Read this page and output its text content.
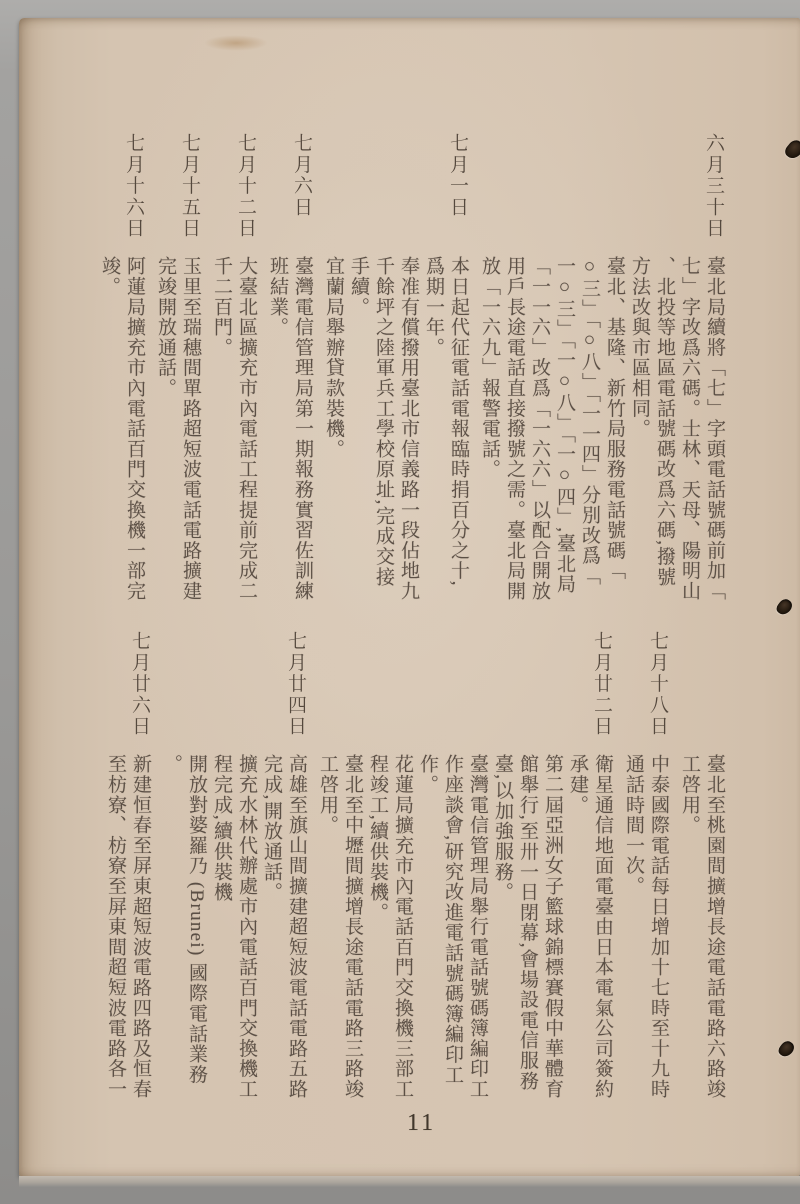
六月三十日

臺北局續將「七」字頭電話號碼前加「七」字改爲六碼。士林、天母、陽明山、北投等地區電話號碼改爲六碼,撥號方法改與市區相同。

臺北、基隆、新竹局服務電話號碼「○三」「○八」「一一四」分別改爲「一○三」「一○八」「一○四」,臺北局「一一六」改爲「一六六」以配合開放用戶長途電話直接撥號之需。臺北局開放「一六九」報警電話。

七月一日

本日起代征電話電報臨時捐百分之十,爲期一年。

奉准有償撥用臺北市信義路一段佔地九千餘坪之陸軍兵工學校原址,完成交接手續。

宜蘭局舉辦貸款裝機。

七月六日

臺灣電信管理局第一期報務實習佐訓練班結業。

七月十二日

大臺北區擴充市內電話工程提前完成二千二百門。

七月十五日

玉里至瑞穗間單路超短波電話電路擴建完竣開放通話。

七月十六日

阿蓮局擴充市內電話百門交換機一部完竣。

臺北至桃園間擴增長途電話電路六路竣工啓用。

七月十八日

中泰國際電話每日增加十七時至十九時通話時間一次。

七月廿二日

衛星通信地面電臺由日本電氣公司簽約承建。

第二屆亞洲女子籃球錦標賽假中華體育館舉行,至卅一日閉幕,會場設電信服務臺,以加強服務。

臺灣電信管理局舉行電話號碼簿編印工作座談會,研究改進電話號碼簿編印工作。

花蓮局擴充市內電話百門交換機三部工程竣工,續供裝機。

臺北至中壢間擴增長途電話電路三路竣工啓用。

七月廿四日

高雄至旗山間擴建超短波電話電路五路完成,開放通話。

擴充水林代辦處市內電話百門交換機工程完成,續供裝機

開放對婆羅乃 (Brunei) 國際電話業務。

七月廿六日

新建恒春至屏東超短波電路四路及恒春至枋寮、枋寮至屏東間超短波電路各一

11
